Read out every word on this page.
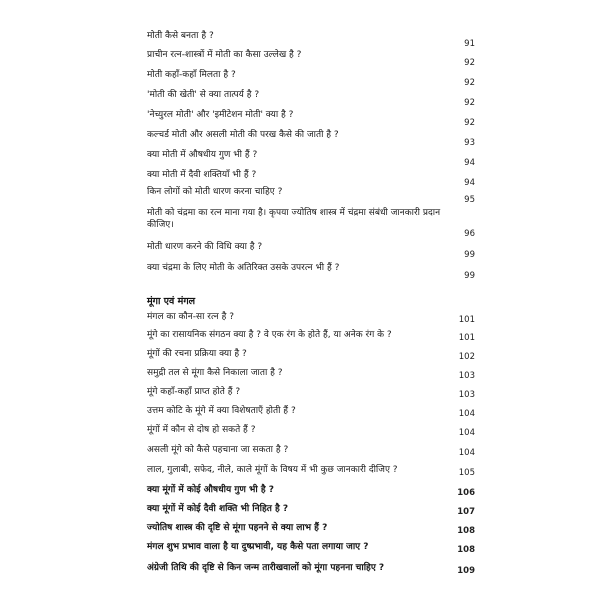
मोती कैसे बनता है ?
91
प्राचीन रत्न-शास्त्रों में मोती का कैसा उल्लेख है ?
92
मोती कहाँ-कहाँ मिलता है ?
92
'मोती की खेती' से क्या तात्पर्य है ?
92
'नेच्युरल मोती' और 'इमीटेशन मोती' क्या है ?
92
कल्चर्ड मोती और असली मोती की परख कैसे की जाती है ?
93
क्या मोती में औषधीय गुण भी हैं ?
94
क्या मोती में दैवी शक्तियाँ भी हैं ?
94
किन लोगों को मोती धारण करना चाहिए ?
95
मोती को चंद्रमा का रत्न माना गया है। कृपया ज्योतिष शास्त्र में चंद्रमा संबंधी जानकारी प्रदान कीजिए।
96
मोती धारण करने की विधि क्या है ?
99
क्या चंद्रमा के लिए मोती के अतिरिक्त उसके उपरत्न भी हैं ?
99
मूंगा एवं मंगल
मंगल का कौन-सा रत्न है ?	101
मूंगे का रासायनिक संगठन क्या है ? वे एक रंग के होते हैं, या अनेक रंग के ?	101
मूंगों की रचना प्रक्रिया क्या है ?	102
समुद्री तल से मूंगा कैसे निकाला जाता है ?	103
मूंगे कहाँ-कहाँ प्राप्त होते हैं ?	103
उत्तम कोटि के मूंगे में क्या विशेषताएँ होती हैं ?	104
मूंगों में कौन से दोष हो सकते हैं ?	104
असली मूंगे को कैसे पहचाना जा सकता है ?	104
लाल, गुलाबी, सफेद, नीले, काले मूंगों के विषय में भी कुछ जानकारी दीजिए ?	105
क्या मूंगों में कोई औषधीय गुण भी है ?	106
क्या मूंगों में कोई दैवी शक्ति भी निहित है ?	107
ज्योतिष शास्त्र की दृष्टि से मूंगा पहनने से क्या लाभ हैं ?	108
मंगल शुभ प्रभाव वाला है या दुष्प्रभावी, यह कैसे पता लगाया जाए ?	108
अंग्रेजी तिथि की दृष्टि से किन जन्म तारीखवालों को मूंगा पहनना चाहिए ?	109
